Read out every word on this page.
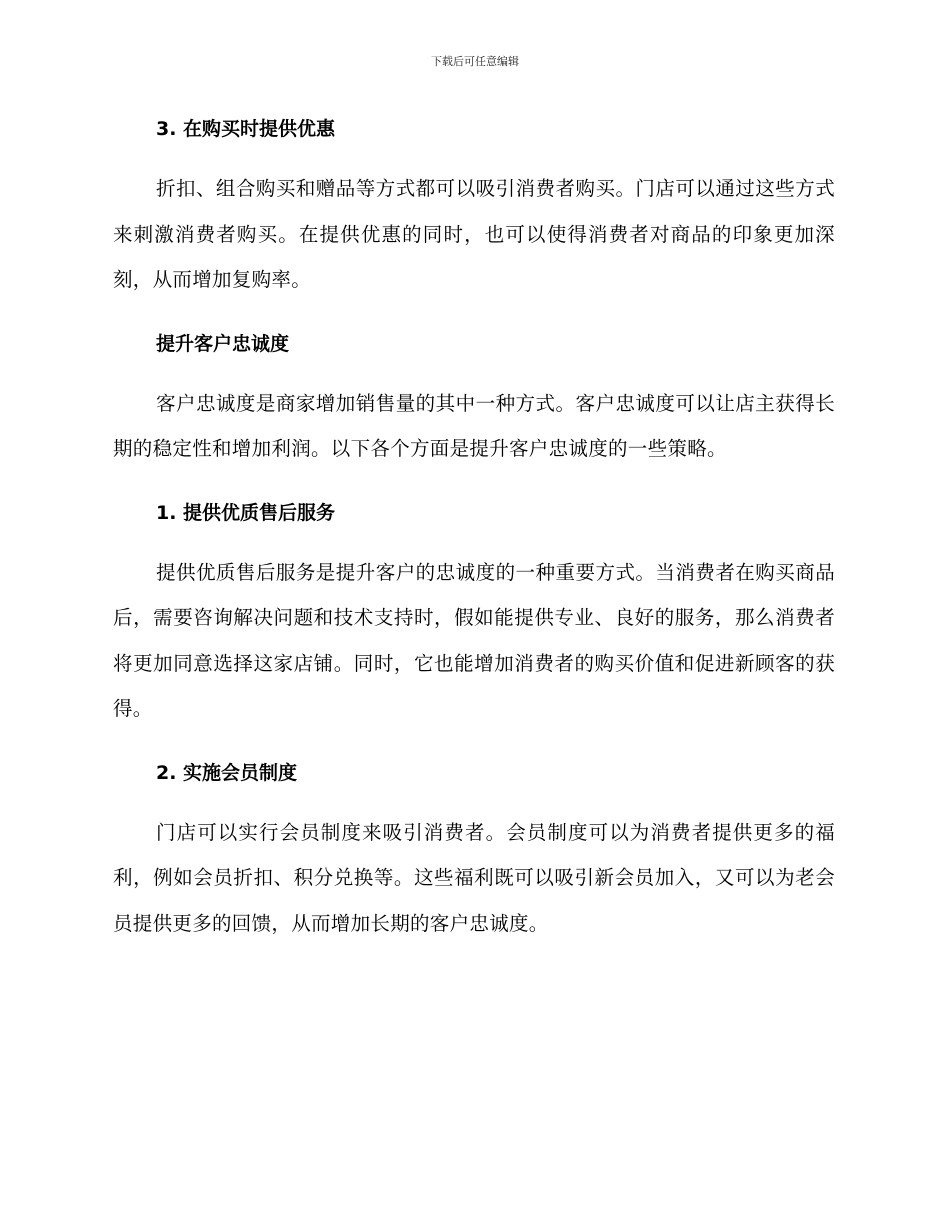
下载后可任意编辑
3. 在购买时提供优惠

折扣、组合购买和赠品等方式都可以吸引消费者购买。门店可以通过这些方式来刺激消费者购买。在提供优惠的同时，也可以使得消费者对商品的印象更加深刻，从而增加复购率。

提升客户忠诚度

客户忠诚度是商家增加销售量的其中一种方式。客户忠诚度可以让店主获得长期的稳定性和增加利润。以下各个方面是提升客户忠诚度的一些策略。

1. 提供优质售后服务

提供优质售后服务是提升客户的忠诚度的一种重要方式。当消费者在购买商品后，需要咨询解决问题和技术支持时，假如能提供专业、良好的服务，那么消费者将更加同意选择这家店铺。同时，它也能增加消费者的购买价值和促进新顾客的获得。

2. 实施会员制度

门店可以实行会员制度来吸引消费者。会员制度可以为消费者提供更多的福利，例如会员折扣、积分兑换等。这些福利既可以吸引新会员加入，又可以为老会员提供更多的回馈，从而增加长期的客户忠诚度。
